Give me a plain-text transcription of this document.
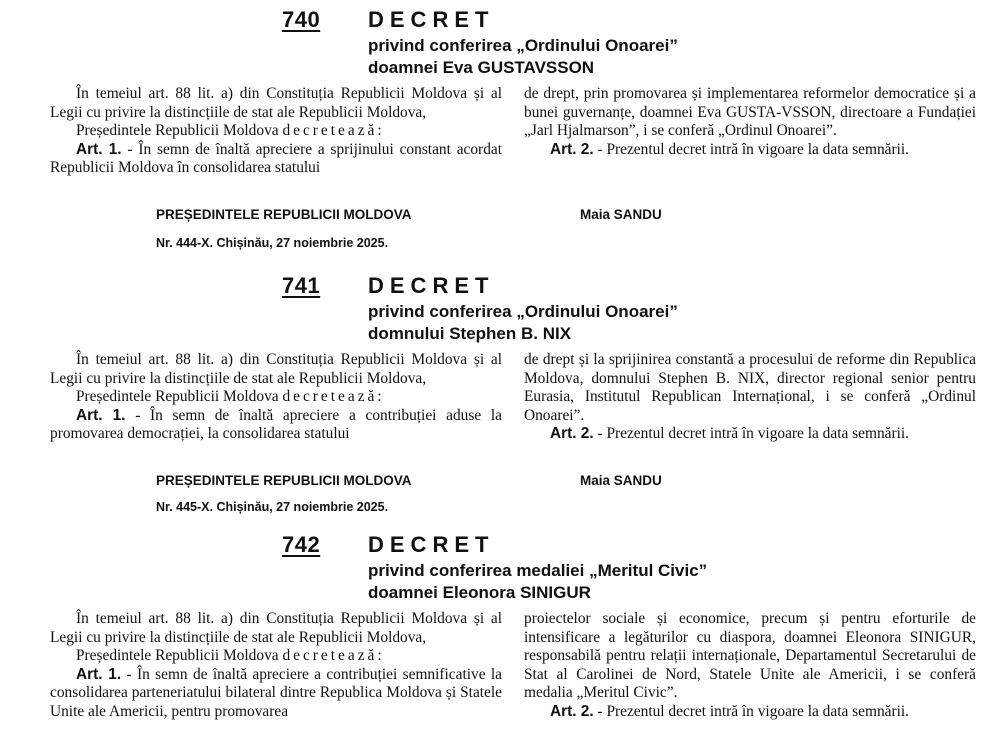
740 DECRET
privind conferirea „Ordinului Onoarei”
doamnei Eva GUSTAVSSON

În temeiul art. 88 lit. a) din Constituția Republicii Moldova și al Legii cu privire la distincțiile de stat ale Republicii Moldova,

Președintele Republicii Moldova decretează:

Art. 1. - În semn de înaltă apreciere a sprijinului constant acordat Republicii Moldova în consolidarea statului

de drept, prin promovarea și implementarea reformelor democratice și a bunei guvernanțe, doamnei Eva GUSTA-VSSON, directoare a Fundației „Jarl Hjalmarson”, i se conferă „Ordinul Onoarei”.

Art. 2. - Prezentul decret intră în vigoare la data semnării.

PREȘEDINTELE REPUBLICII MOLDOVA	Maia SANDU
Nr. 444-X. Chișinău, 27 noiembrie 2025.
741 DECRET
privind conferirea „Ordinului Onoarei”
domnului Stephen B. NIX

În temeiul art. 88 lit. a) din Constituția Republicii Moldova și al Legii cu privire la distincțiile de stat ale Republicii Moldova,

Președintele Republicii Moldova decretează:

Art. 1. - În semn de înaltă apreciere a contribuției aduse la promovarea democrației, la consolidarea statului

de drept și la sprijinirea constantă a procesului de reforme din Republica Moldova, domnului Stephen B. NIX, director regional senior pentru Eurasia, Institutul Republican Internațional, i se conferă „Ordinul Onoarei”.

Art. 2. - Prezentul decret intră în vigoare la data semnării.

PREȘEDINTELE REPUBLICII MOLDOVA	Maia SANDU
Nr. 445-X. Chișinău, 27 noiembrie 2025.
742 DECRET
privind conferirea medaliei „Meritul Civic”
doamnei Eleonora SINIGUR

În temeiul art. 88 lit. a) din Constituția Republicii Moldova și al Legii cu privire la distincțiile de stat ale Republicii Moldova,

Președintele Republicii Moldova decretează:

Art. 1. - În semn de înaltă apreciere a contribuției semnificative la consolidarea parteneriatului bilateral dintre Republica Moldova și Statele Unite ale Americii, pentru promovarea

proiectelor sociale și economice, precum și pentru eforturile de intensificare a legăturilor cu diaspora, doamnei Eleonora SINIGUR, responsabilă pentru relații internaționale, Departamentul Secretarului de Stat al Carolinei de Nord, Statele Unite ale Americii, i se conferă medalia „Meritul Civic”.

Art. 2. - Prezentul decret intră în vigoare la data semnării.
